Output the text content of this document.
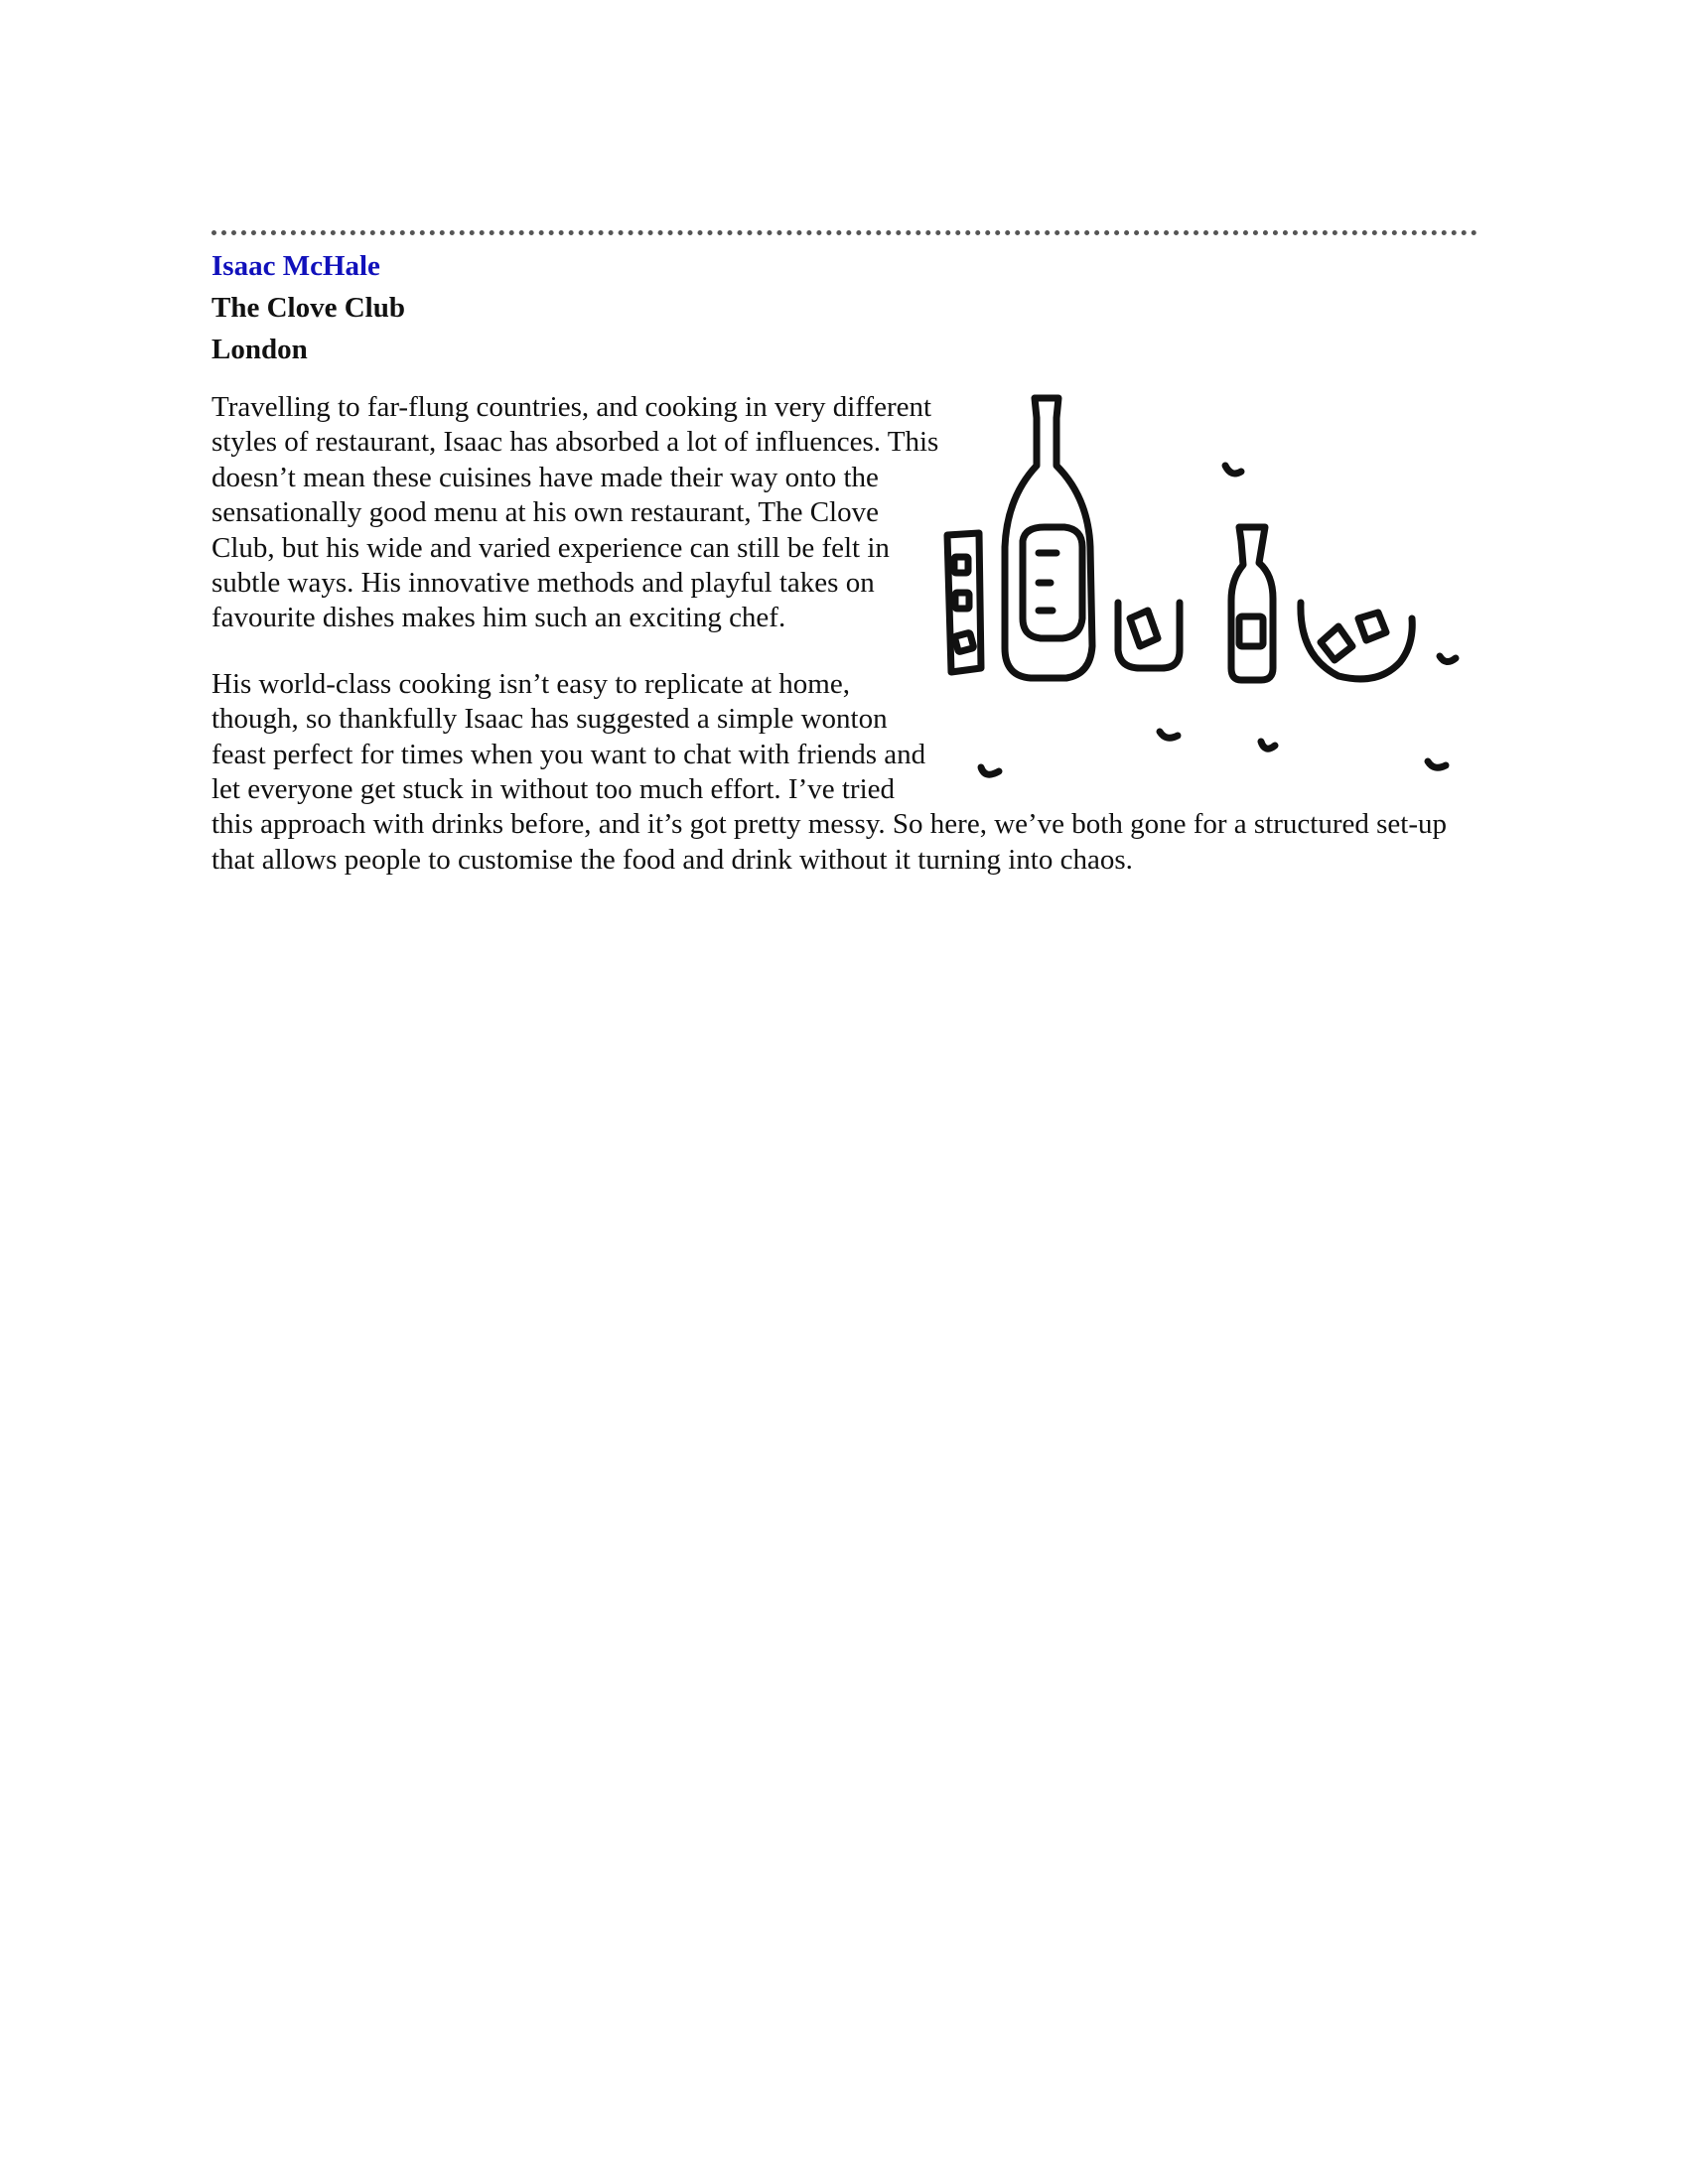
Isaac McHale
The Clove Club
London

Travelling to far-flung countries, and cooking in very different styles of restaurant, Isaac has absorbed a lot of influences. This doesn’t mean these cuisines have made their way onto the sensationally good menu at his own restaurant, The Clove Club, but his wide and varied experience can still be felt in subtle ways. His innovative methods and playful takes on favourite dishes makes him such an exciting chef.

His world-class cooking isn’t easy to replicate at home, though, so thankfully Isaac has suggested a simple wonton feast perfect for times when you want to chat with friends and let everyone get stuck in without too much effort. I’ve tried this approach with drinks before, and it’s got pretty messy. So here, we’ve both gone for a structured set-up that allows people to customise the food and drink without it turning into chaos.
